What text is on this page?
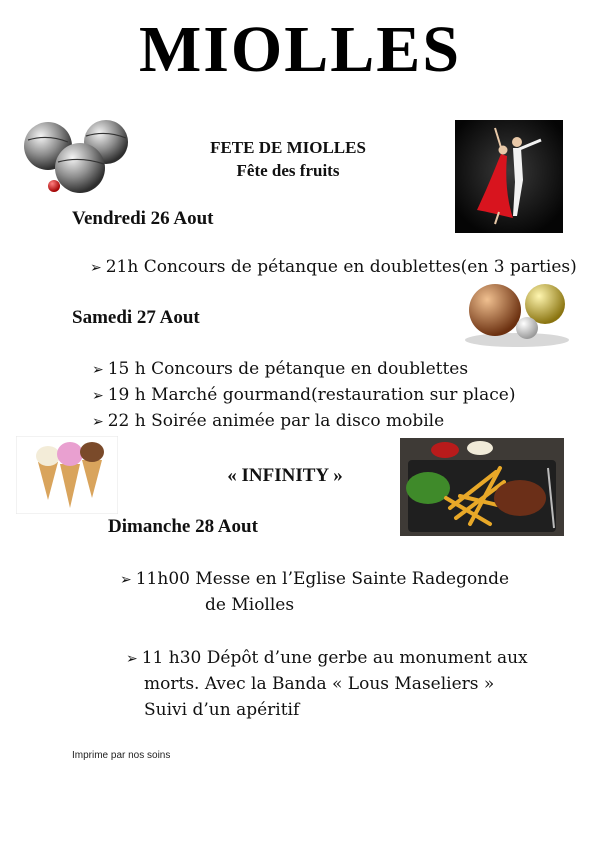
MIOLLES
FETE DE MIOLLES
Fête des fruits
Vendredi 26 Aout
➢ 21h Concours de pétanque en doublettes(en 3 parties)
Samedi 27 Aout
➢ 15 h Concours de pétanque en doublettes
➢ 19 h Marché gourmand(restauration sur place)
➢ 22 h Soirée animée par la disco mobile
« INFINITY »
Dimanche 28 Aout
➢ 11h00 Messe en l’Eglise Sainte Radegonde
de Miolles
➢ 11 h30 Dépôt d’une gerbe au monument aux
morts. Avec la Banda « Lous Maseliers »
Suivi d’un apéritif
Imprime par nos soins
